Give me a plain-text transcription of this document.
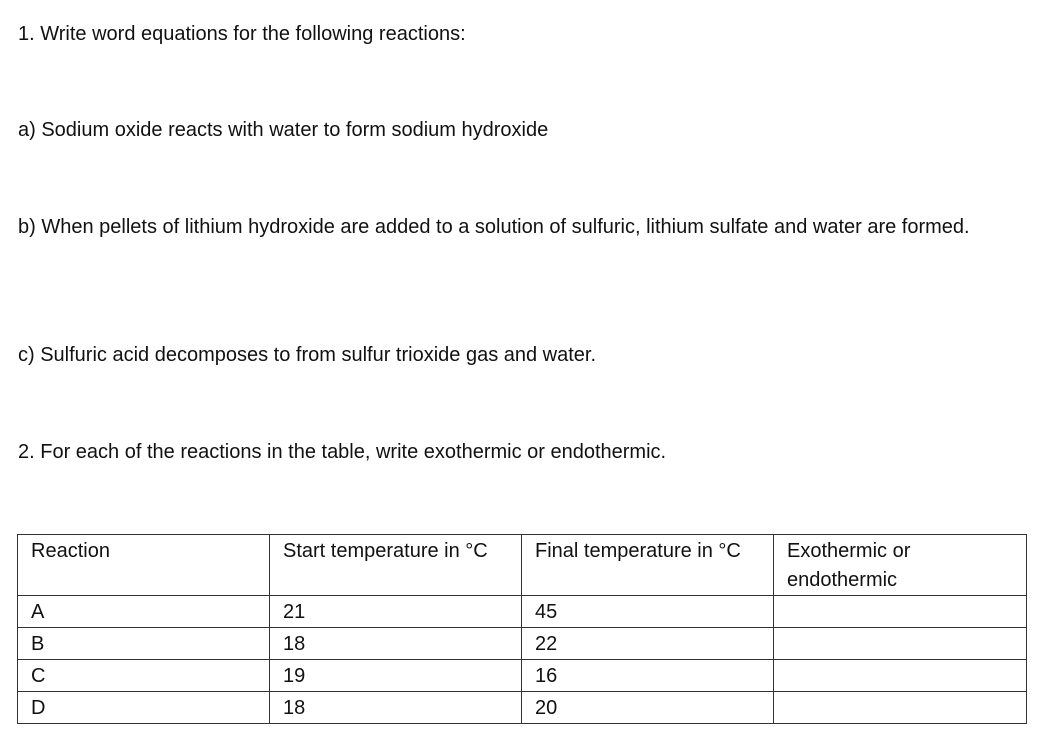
1. Write word equations for the following reactions:
a) Sodium oxide reacts with water to form sodium hydroxide
b) When pellets of lithium hydroxide are added to a solution of sulfuric, lithium sulfate and water are formed.
c) Sulfuric acid decomposes to from sulfur trioxide gas and water.
2. For each of the reactions in the table, write exothermic or endothermic.
Reaction	Start temperature in °C	Final temperature in °C	Exothermic or endothermic
A	21	45	
B	18	22	
C	19	16	
D	18	20	
